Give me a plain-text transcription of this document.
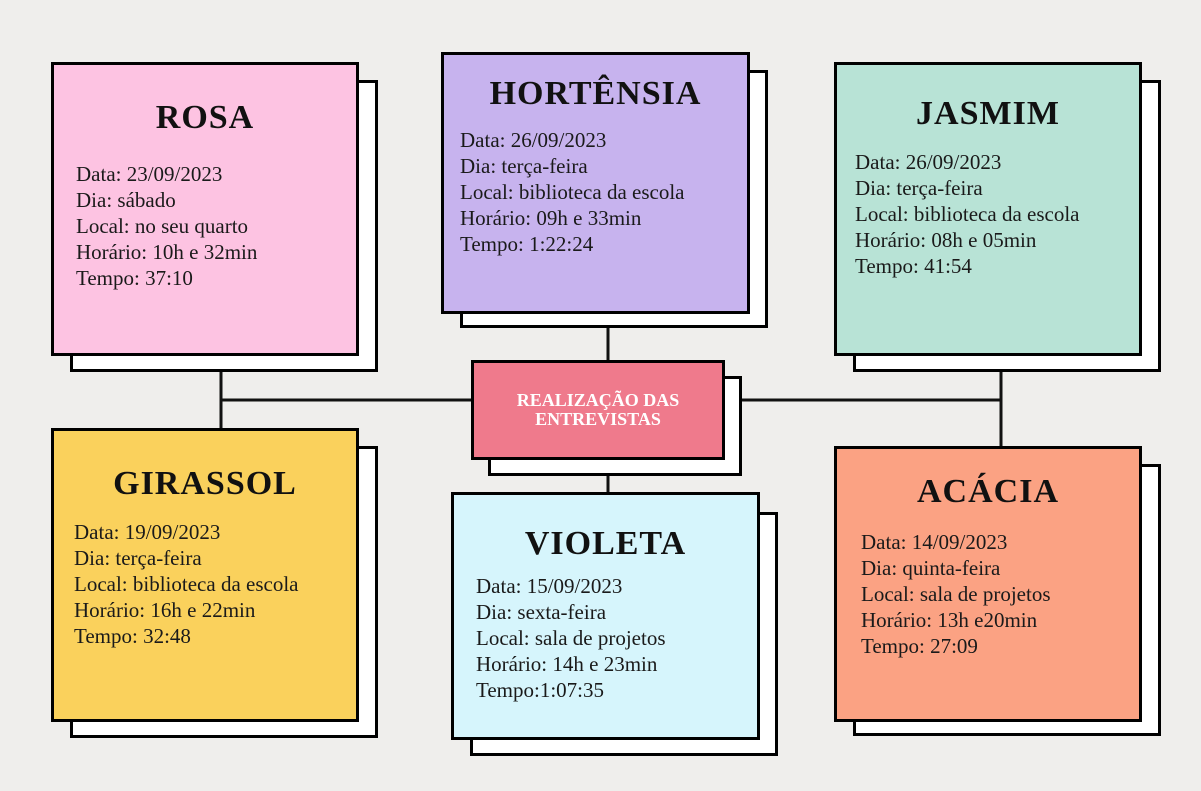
ROSA
Data: 23/09/2023
Dia: sábado
Local: no seu quarto
Horário: 10h e 32min
Tempo: 37:10
HORTÊNSIA
Data: 26/09/2023
Dia: terça-feira
Local: biblioteca da escola
Horário: 09h e 33min
Tempo: 1:22:24
JASMIM
Data: 26/09/2023
Dia: terça-feira
Local: biblioteca da escola
Horário: 08h e 05min
Tempo: 41:54
REALIZAÇÃO DAS
ENTREVISTAS
GIRASSOL
Data: 19/09/2023
Dia: terça-feira
Local: biblioteca da escola
Horário: 16h e 22min
Tempo: 32:48
VIOLETA
Data: 15/09/2023
Dia: sexta-feira
Local: sala de projetos
Horário: 14h e 23min
Tempo:1:07:35
ACÁCIA
Data: 14/09/2023
Dia: quinta-feira
Local: sala de projetos
Horário: 13h e20min
Tempo: 27:09
